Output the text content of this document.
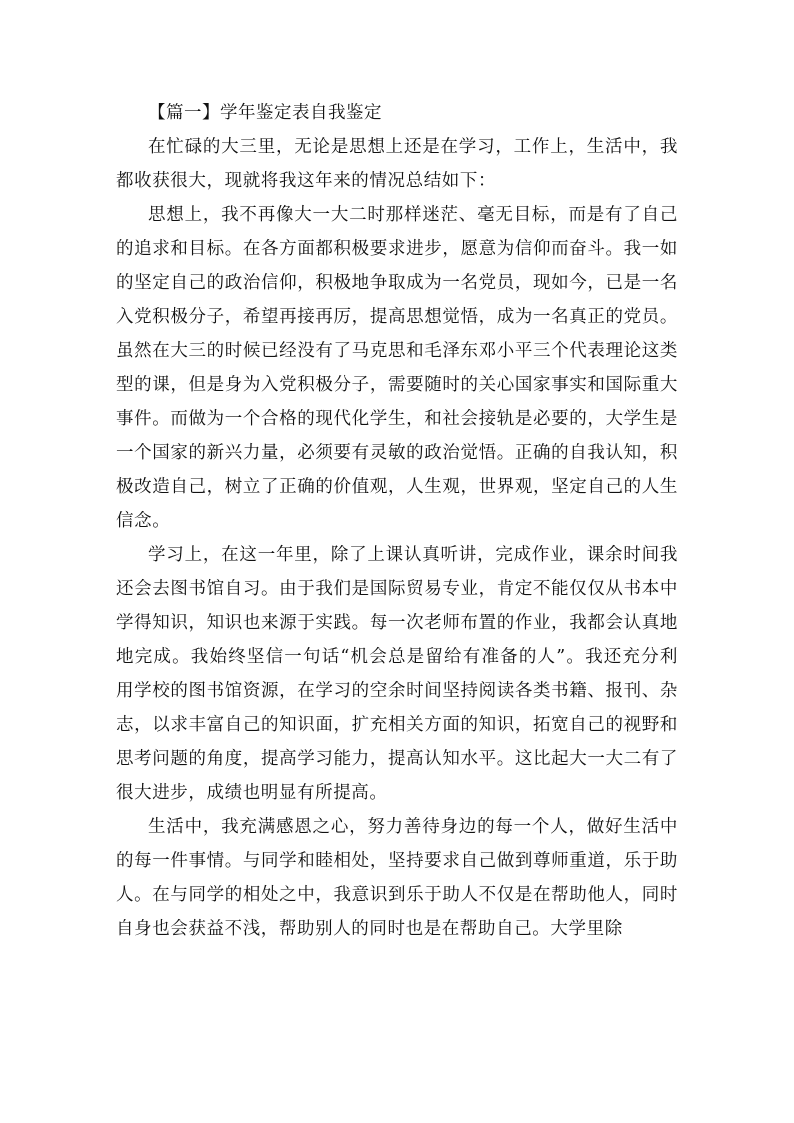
【篇一】学年鉴定表自我鉴定

在忙碌的大三里，无论是思想上还是在学习，工作上，生活中，我都收获很大，现就将我这年来的情况总结如下：

思想上，我不再像大一大二时那样迷茫、毫无目标，而是有了自己的追求和目标。在各方面都积极要求进步，愿意为信仰而奋斗。我一如的坚定自己的政治信仰，积极地争取成为一名党员，现如今，已是一名入党积极分子，希望再接再厉，提高思想觉悟，成为一名真正的党员。虽然在大三的时候已经没有了马克思和毛泽东邓小平三个代表理论这类型的课，但是身为入党积极分子，需要随时的关心国家事实和国际重大事件。而做为一个合格的现代化学生，和社会接轨是必要的，大学生是一个国家的新兴力量，必须要有灵敏的政治觉悟。正确的自我认知，积极改造自己，树立了正确的价值观，人生观，世界观，坚定自己的人生信念。

学习上，在这一年里，除了上课认真听讲，完成作业，课余时间我还会去图书馆自习。由于我们是国际贸易专业，肯定不能仅仅从书本中学得知识，知识也来源于实践。每一次老师布置的作业，我都会认真地地完成。我始终坚信一句话“机会总是留给有准备的人”。我还充分利用学校的图书馆资源，在学习的空余时间坚持阅读各类书籍、报刊、杂志，以求丰富自己的知识面，扩充相关方面的知识，拓宽自己的视野和思考问题的角度，提高学习能力，提高认知水平。这比起大一大二有了很大进步，成绩也明显有所提高。

生活中，我充满感恩之心，努力善待身边的每一个人，做好生活中的每一件事情。与同学和睦相处，坚持要求自己做到尊师重道，乐于助人。在与同学的相处之中，我意识到乐于助人不仅是在帮助他人，同时自身也会获益不浅，帮助别人的同时也是在帮助自己。大学里除
